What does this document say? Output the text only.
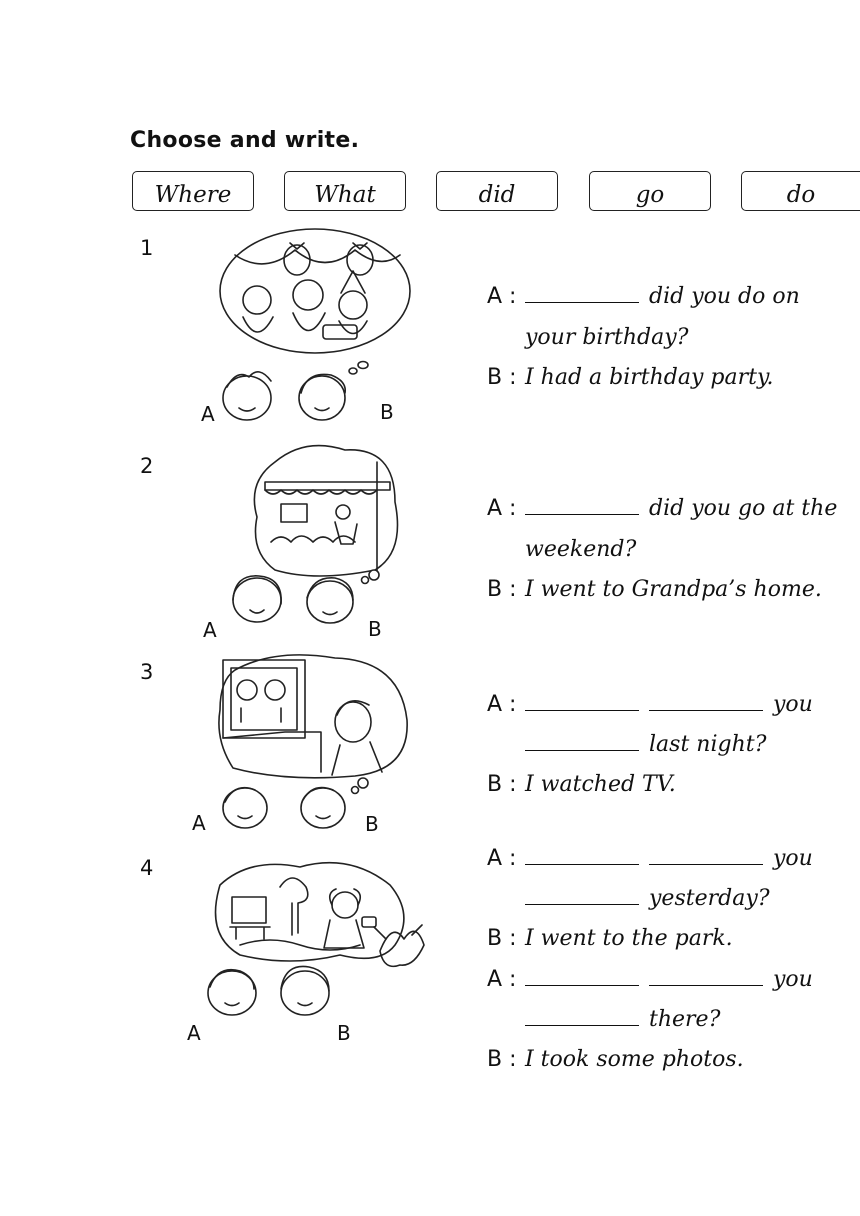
Choose and write.
Where	What	did	go	do
1
A	B
A :	did you do on
your birthday?
B : I had a birthday party.
2
A	B
A :	did you go at the
weekend?
B : I went to Grandpa’s home.
3
A	B
A :	you
last night?
B : I watched TV.
4
A	B
A :	you
yesterday?
B : I went to the park.
A :	you
there?
B : I took some photos.
